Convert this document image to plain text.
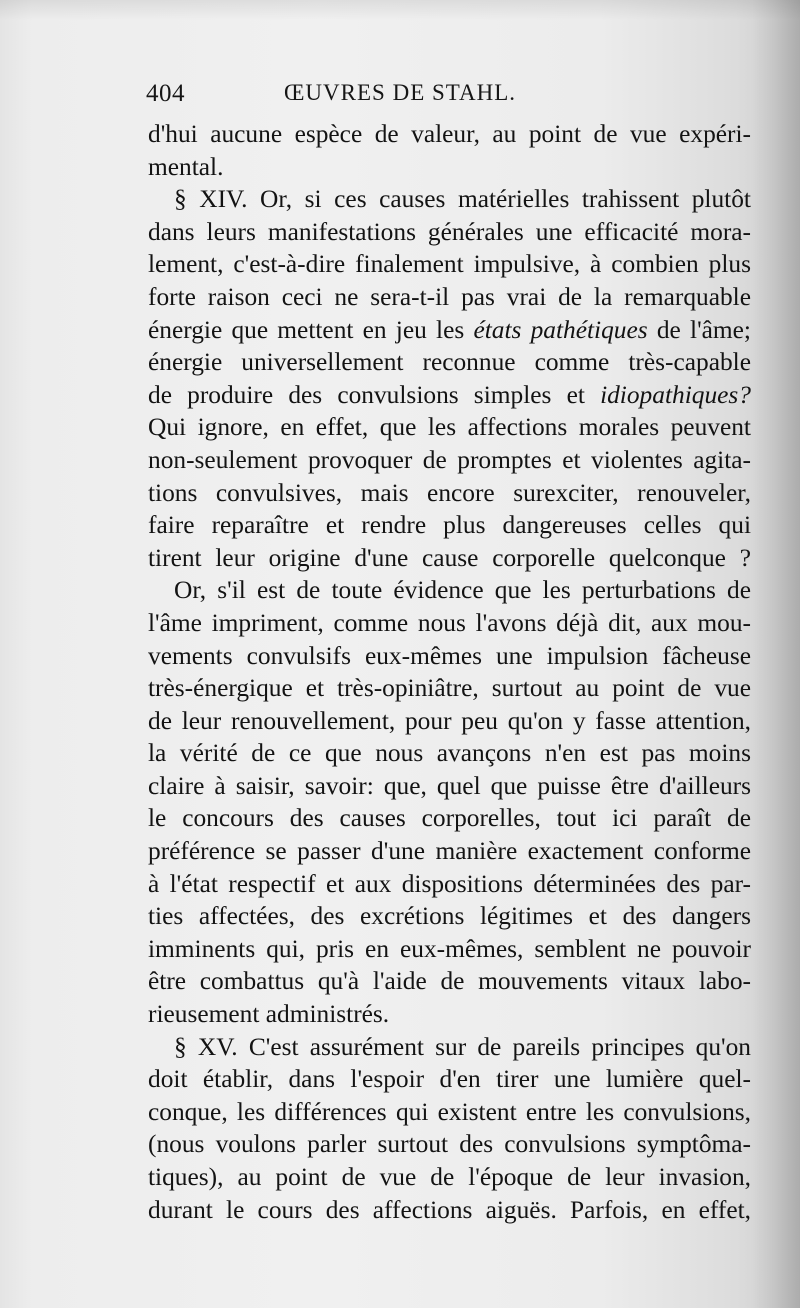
404	ŒUVRES DE STAHL.
d'hui aucune espèce de valeur, au point de vue expéri-
mental.
§ XIV. Or, si ces causes matérielles trahissent plutôt
dans leurs manifestations générales une efficacité mora-
lement, c'est-à-dire finalement impulsive, à combien plus
forte raison ceci ne sera-t-il pas vrai de la remarquable
énergie que mettent en jeu les états pathétiques de l'âme;
énergie universellement reconnue comme très-capable
de produire des convulsions simples et idiopathiques?
Qui ignore, en effet, que les affections morales peuvent
non-seulement provoquer de promptes et violentes agita-
tions convulsives, mais encore surexciter, renouveler,
faire reparaître et rendre plus dangereuses celles qui
tirent leur origine d'une cause corporelle quelconque ?
Or, s'il est de toute évidence que les perturbations de
l'âme impriment, comme nous l'avons déjà dit, aux mou-
vements convulsifs eux-mêmes une impulsion fâcheuse
très-énergique et très-opiniâtre, surtout au point de vue
de leur renouvellement, pour peu qu'on y fasse attention,
la vérité de ce que nous avançons n'en est pas moins
claire à saisir, savoir: que, quel que puisse être d'ailleurs
le concours des causes corporelles, tout ici paraît de
préférence se passer d'une manière exactement conforme
à l'état respectif et aux dispositions déterminées des par-
ties affectées, des excrétions légitimes et des dangers
imminents qui, pris en eux-mêmes, semblent ne pouvoir
être combattus qu'à l'aide de mouvements vitaux labo-
rieusement administrés.
§ XV. C'est assurément sur de pareils principes qu'on
doit établir, dans l'espoir d'en tirer une lumière quel-
conque, les différences qui existent entre les convulsions,
(nous voulons parler surtout des convulsions symptôma-
tiques), au point de vue de l'époque de leur invasion,
durant le cours des affections aiguës. Parfois, en effet,
